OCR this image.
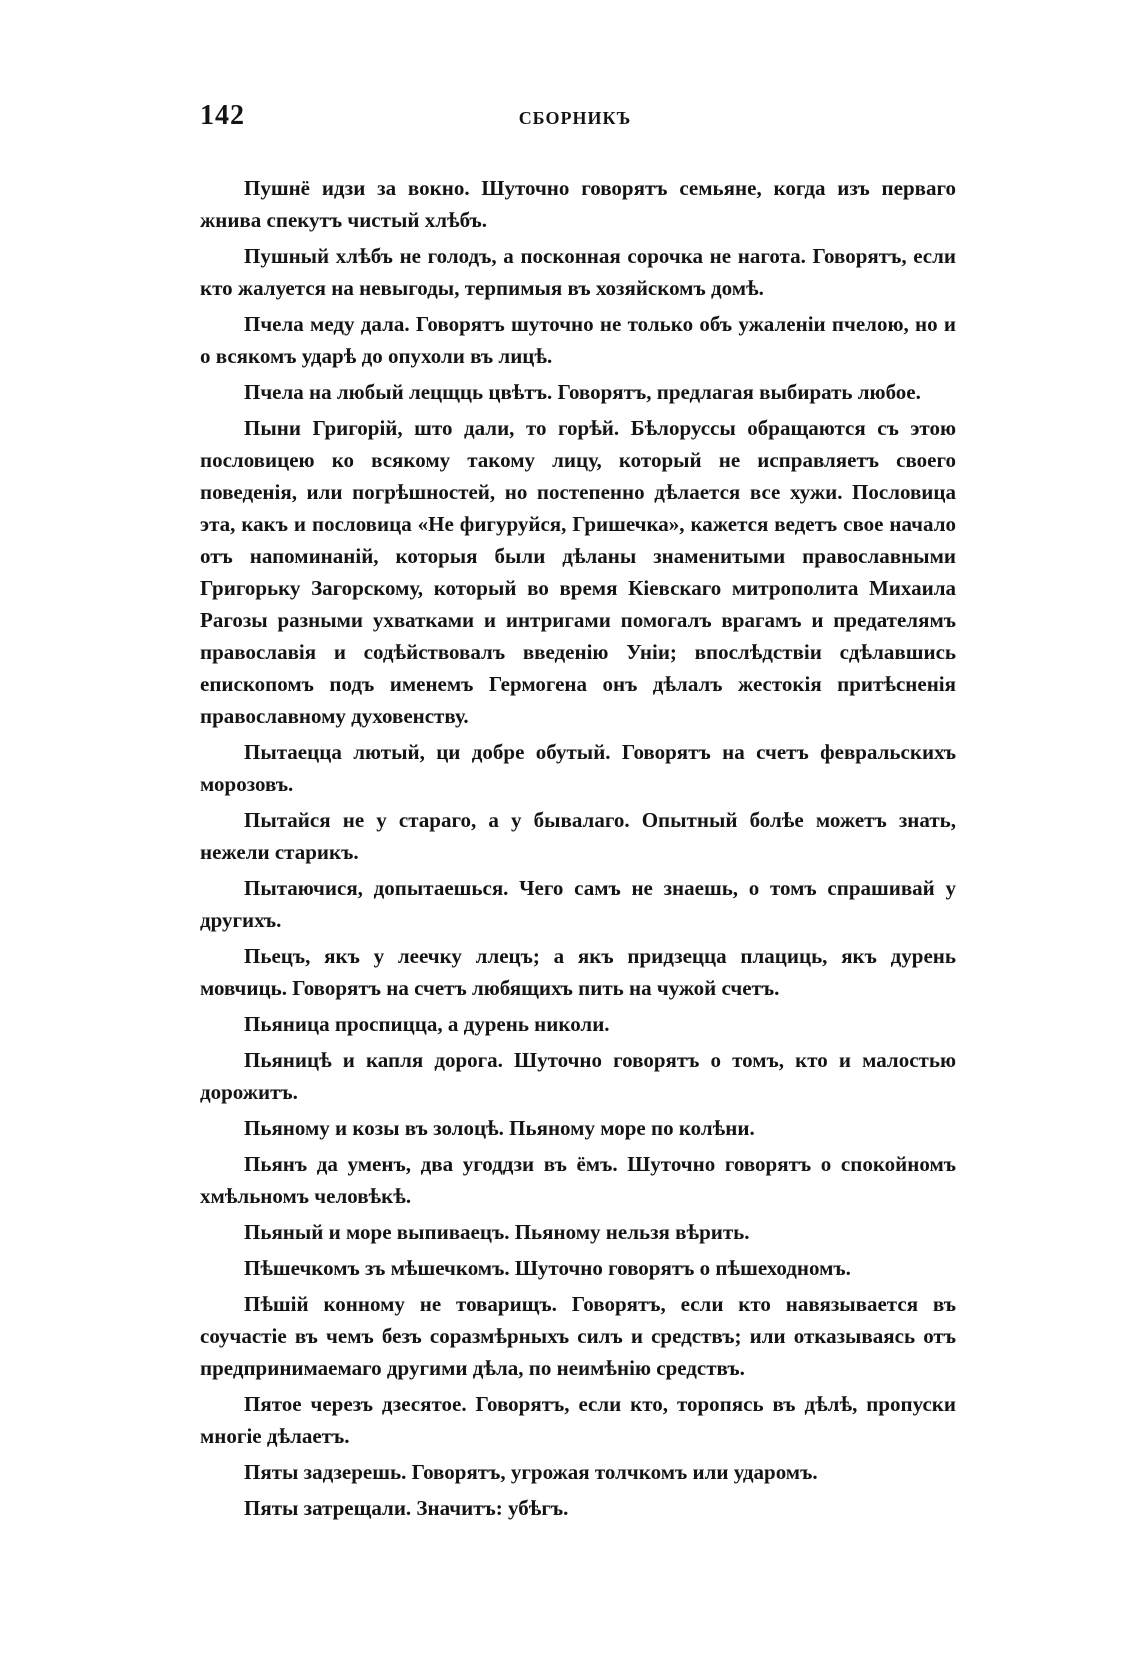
142	СБОРНИКЪ

Пушнё идзи за вокно. Шуточно говорятъ семьяне, когда изъ перваго жнива спекутъ чистый хлѣбъ.

Пушный хлѣбъ не голодъ, а посконная сорочка не нагота. Говорятъ, если кто жалуется на невыгоды, терпимыя въ хозяйскомъ домѣ.

Пчела меду дала. Говорятъ шуточно не только объ ужаленіи пчелою, но и о всякомъ ударѣ до опухоли въ лицѣ.

Пчела на любый лецщць цвѣтъ. Говорятъ, предлагая выбирать любое.

Пыни Григорій, што дали, то горѣй. Бѣлоруссы обращаются съ этою пословицею ко всякому такому лицу, который не исправляетъ своего поведенія, или погрѣшностей, но постепенно дѣлается все хужи. Пословица эта, какъ и пословица «Не фигуруйся, Гришечка», кажется ведетъ свое начало отъ напоминаній, которыя были дѣланы знаменитыми православными Григорьку Загорскому, который во время Кіевскаго митрополита Михаила Рагозы разными ухватками и интригами помогалъ врагамъ и предателямъ православія и содѣйствовалъ введенію Уніи; впослѣдствіи сдѣлавшись епископомъ подъ именемъ Гермогена онъ дѣлалъ жестокія притѣсненія православному духовенству.

Пытаецца лютый, ци добре обутый. Говорятъ на счетъ февральскихъ морозовъ.

Пытайся не у стараго, а у бывалаго. Опытный болѣе можетъ знать, нежели старикъ.

Пытаючися, допытаешься. Чего самъ не знаешь, о томъ спрашивай у другихъ.

Пьецъ, якъ у леечку ллецъ; а якъ придзецца плациць, якъ дурень мовчиць. Говорятъ на счетъ любящихъ пить на чужой счетъ.

Пьяница проспицца, а дурень николи.

Пьяницѣ и капля дорога. Шуточно говорятъ о томъ, кто и малостью дорожитъ.

Пьяному и козы въ золоцѣ. Пьяному море по колѣни.

Пьянъ да уменъ, два угоддзи въ ёмъ. Шуточно говорятъ о спокойномъ хмѣльномъ человѣкѣ.

Пьяный и море выпиваецъ. Пьяному нельзя вѣрить.

Пѣшечкомъ зъ мѣшечкомъ. Шуточно говорятъ о пѣшеходномъ.

Пѣшій конному не товарищъ. Говорятъ, если кто навязывается въ соучастіе въ чемъ безъ соразмѣрныхъ силъ и средствъ; или отказываясь отъ предпринимаемаго другими дѣла, по неимѣнію средствъ.

Пятое черезъ дзесятое. Говорятъ, если кто, торопясь въ дѣлѣ, пропуски многіе дѣлаетъ.

Пяты задзерешь. Говорятъ, угрожая толчкомъ или ударомъ.

Пяты затрещали. Значитъ: убѣгъ.
